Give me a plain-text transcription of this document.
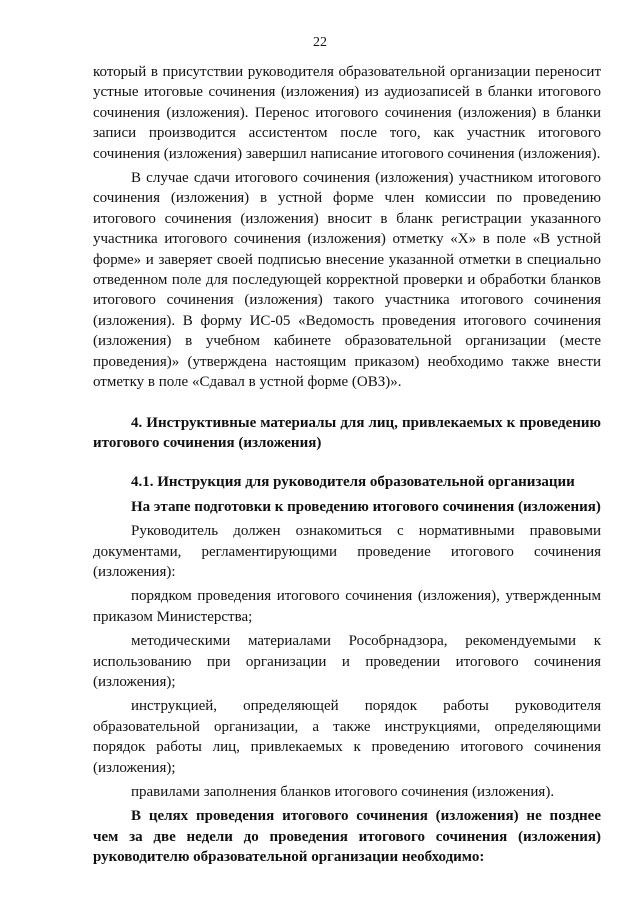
22

который в присутствии руководителя образовательной организации переносит устные итоговые сочинения (изложения) из аудиозаписей в бланки итогового сочинения (изложения). Перенос итогового сочинения (изложения) в бланки записи производится ассистентом после того, как участник итогового сочинения (изложения) завершил написание итогового сочинения (изложения).

В случае сдачи итогового сочинения (изложения) участником итогового сочинения (изложения) в устной форме член комиссии по проведению итогового сочинения (изложения) вносит в бланк регистрации указанного участника итогового сочинения (изложения) отметку «Х» в поле «В устной форме» и заверяет своей подписью внесение указанной отметки в специально отведенном поле для последующей корректной проверки и обработки бланков итогового сочинения (изложения) такого участника итогового сочинения (изложения). В форму ИС-05 «Ведомость проведения итогового сочинения (изложения) в учебном кабинете образовательной организации (месте проведения)» (утверждена настоящим приказом) необходимо также внести отметку в поле «Сдавал в устной форме (ОВЗ)».

4. Инструктивные материалы для лиц, привлекаемых к проведению итогового сочинения (изложения)

4.1. Инструкция для руководителя образовательной организации

На этапе подготовки к проведению итогового сочинения (изложения)

Руководитель должен ознакомиться с нормативными правовыми документами, регламентирующими проведение итогового сочинения (изложения):

порядком проведения итогового сочинения (изложения), утвержденным приказом Министерства;

методическими материалами Рособрнадзора, рекомендуемыми к использованию при организации и проведении итогового сочинения (изложения);

инструкцией, определяющей порядок работы руководителя образовательной организации, а также инструкциями, определяющими порядок работы лиц, привлекаемых к проведению итогового сочинения (изложения);

правилами заполнения бланков итогового сочинения (изложения).

В целях проведения итогового сочинения (изложения) не позднее чем за две недели до проведения итогового сочинения (изложения) руководителю образовательной организации необходимо:
